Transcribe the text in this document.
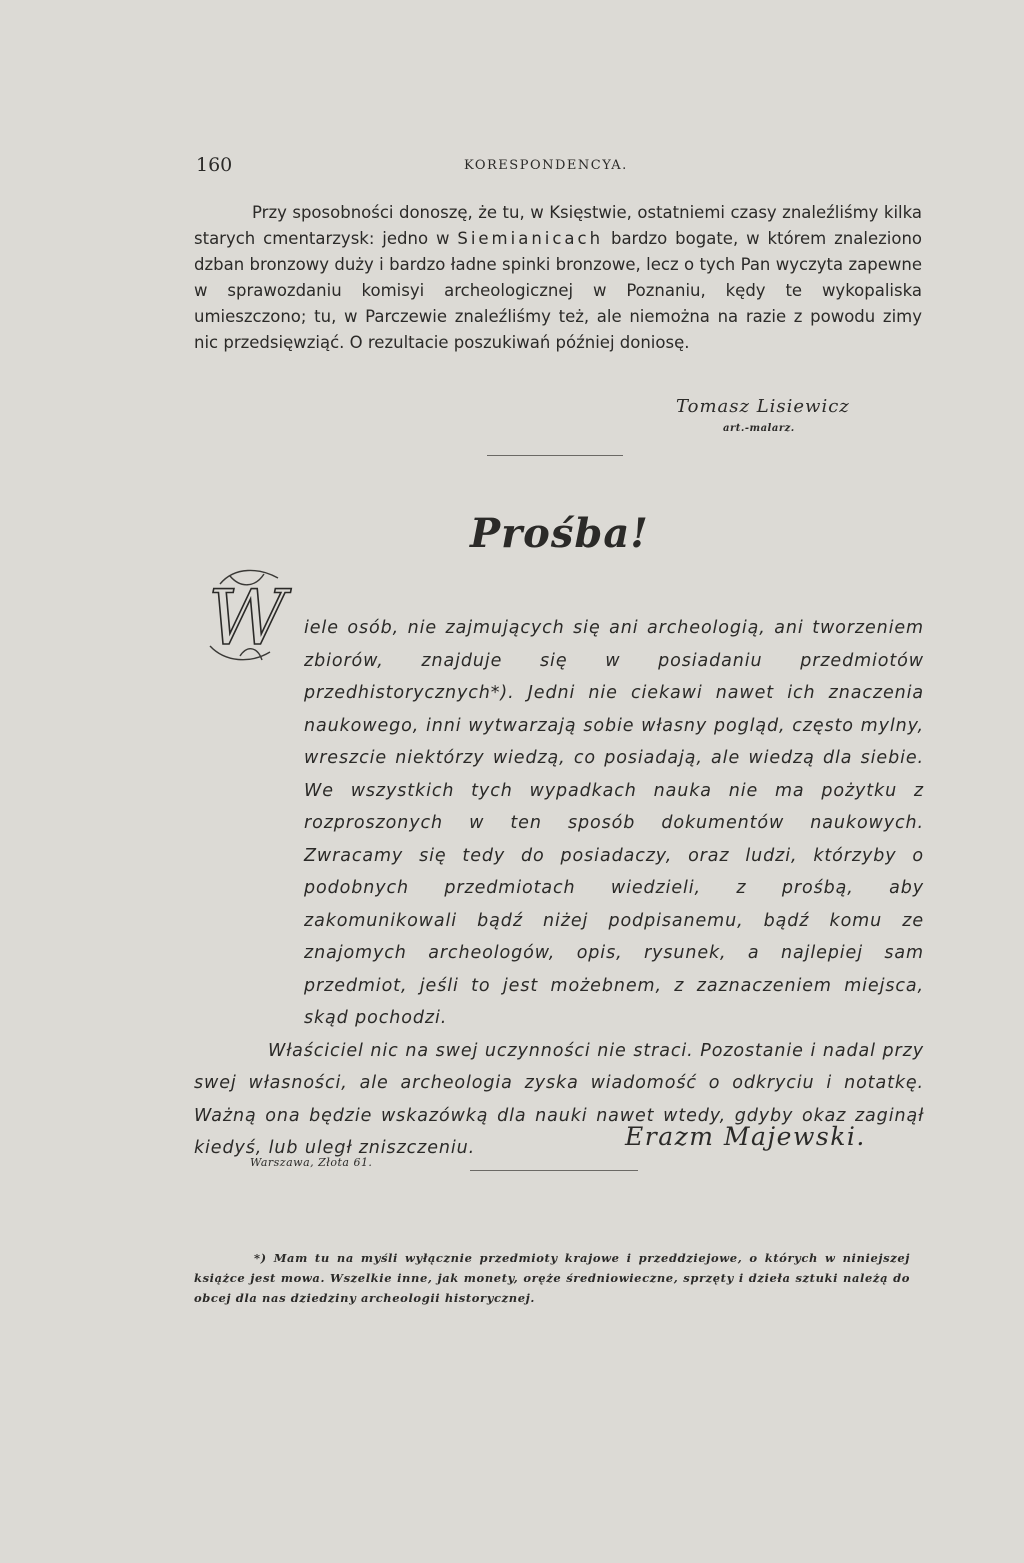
160	KORESPONDENCYA.

Przy sposobności donoszę, że tu, w Księstwie, ostatniemi czasy znaleźliśmy kilka starych cmentarzysk: jedno w Siemianicach bardzo bogate, w którem znaleziono dzban bronzowy duży i bardzo ładne spinki bronzowe, lecz o tych Pan wyczyta zapewne w sprawozdaniu komisyi archeologicznej w Poznaniu, kędy te wykopaliska umieszczono; tu, w Parczewie znaleźliśmy też, ale niemożna na razie z powodu zimy nic przedsięwziąć. O rezultacie poszukiwań później doniosę.

Tomasz Lisiewicz
art.-malarz.
Prośba!
W	iele osób, nie zajmujących się ani archeologią, ani tworzeniem zbiorów, znajduje się w posiadaniu przedmiotów przedhistorycznych*). Jedni nie ciekawi nawet ich znaczenia naukowego, inni wytwarzają sobie własny pogląd, często mylny, wreszcie niektórzy wiedzą, co posiadają, ale wiedzą dla siebie. We wszystkich tych wypadkach nauka nie ma pożytku z rozproszonych w ten sposób dokumentów naukowych. Zwracamy się tedy do posiadaczy, oraz ludzi, którzyby o podobnych przedmiotach wiedzieli, z prośbą, aby zakomunikowali bądź niżej podpisanemu, bądź komu ze znajomych archeologów, opis, rysunek, a najlepiej sam przedmiot, jeśli to jest możebnem, z zaznaczeniem miejsca, skąd pochodzi.

Właściciel nic na swej uczynności nie straci. Pozostanie i nadal przy swej własności, ale archeologia zyska wiadomość o odkryciu i notatkę. Ważną ona będzie wskazówką dla nauki nawet wtedy, gdyby okaz zaginął kiedyś, lub uległ zniszczeniu.	Erazm Majewski.
Warszawa, Złota 61.

*) Mam tu na myśli wyłącznie przedmioty krajowe i przeddziejowe, o których w niniejszej książce jest mowa. Wszelkie inne, jak monety, oręże średniowieczne, sprzęty i dzieła sztuki należą do obcej dla nas dziedziny archeologii historycznej.
